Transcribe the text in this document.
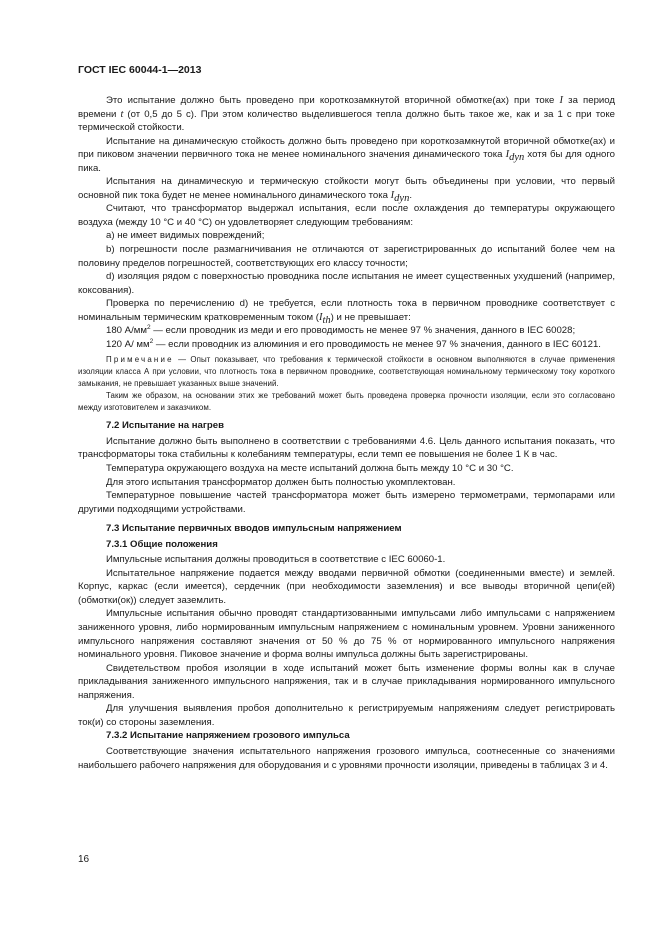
ГОСТ IEC 60044-1—2013

Это испытание должно быть проведено при короткозамкнутой вторичной обмотке(ах) при токе I за период времени t (от 0,5 до 5 с). При этом количество выделившегося тепла должно быть такое же, как и за 1 с при токе термической стойкости.

Испытание на динамическую стойкость должно быть проведено при короткозамкнутой вторичной обмотке(ах) и при пиковом значении первичного тока не менее номинального значения динамического тока $I_{dyn}$ хотя бы для одного пика.

Испытания на динамическую и термическую стойкости могут быть объединены при условии, что первый основной пик тока будет не менее номинального динамического тока $I_{dyn}$.

Считают, что трансформатор выдержал испытания, если после охлаждения до температуры окружающего воздуха (между 10 °С и 40 °С) он удовлетворяет следующим требованиям:

а) не имеет видимых повреждений;

b) погрешности после размагничивания не отличаются от зарегистрированных до испытаний более чем на половину пределов погрешностей, соответствующих его классу точности;

d) изоляция рядом с поверхностью проводника после испытания не имеет существенных ухудшений (например, коксования).

Проверка по перечислению d) не требуется, если плотность тока в первичном проводнике соответствует с номинальным термическим кратковременным током $(I_{th})$ и не превышает:

180 $А/мм^2$ — если проводник из меди и его проводимость не менее 97 % значения, данного в IEC 60028;

120 А/ $мм^2$ — если проводник из алюминия и его проводимость не менее 97 % значения, данного в IEC 60121.

Примечание — Опыт показывает, что требования к термической стойкости в основном выполняются в случае применения изоляции класса А при условии, что плотность тока в первичном проводнике, соответствующая номинальному термическому току короткого замыкания, не превышает указанных выше значений.

Таким же образом, на основании этих же требований может быть проведена проверка прочности изоляции, если это согласовано между изготовителем и заказчиком.

7.2 Испытание на нагрев

Испытание должно быть выполнено в соответствии с требованиями 4.6. Цель данного испытания показать, что трансформаторы тока стабильны к колебаниям температуры, если темп ее повышения не более 1 К в час.

Температура окружающего воздуха на месте испытаний должна быть между 10 °С и 30 °С.

Для этого испытания трансформатор должен быть полностью укомплектован.

Температурное повышение частей трансформатора может быть измерено термометрами, термопарами или другими подходящими устройствами.

7.3 Испытание первичных вводов импульсным напряжением
7.3.1 Общие положения

Импульсные испытания должны проводиться в соответствие с IEC 60060-1.

Испытательное напряжение подается между вводами первичной обмотки (соединенными вместе) и землей. Корпус, каркас (если имеется), сердечник (при необходимости заземления) и все выводы вторичной цепи(ей) (обмотки(ок)) следует заземлить.

Импульсные испытания обычно проводят стандартизованными импульсами либо импульсами с напряжением заниженного уровня, либо нормированным импульсным напряжением с номинальным уровнем. Уровни заниженного импульсного напряжения составляют значения от 50 % до 75 % от нормированного импульсного напряжения номинального уровня. Пиковое значение и форма волны импульса должны быть зарегистрированы.

Свидетельством пробоя изоляции в ходе испытаний может быть изменение формы волны как в случае прикладывания заниженного импульсного напряжения, так и в случае прикладывания нормированного импульсного напряжения.

Для улучшения выявления пробоя дополнительно к регистрируемым напряжениям следует регистрировать ток(и) со стороны заземления.

7.3.2 Испытание напряжением грозового импульса

Соответствующие значения испытательного напряжения грозового импульса, соотнесенные со значениями наибольшего рабочего напряжения для оборудования и с уровнями прочности изоляции, приведены в таблицах 3 и 4.

16
